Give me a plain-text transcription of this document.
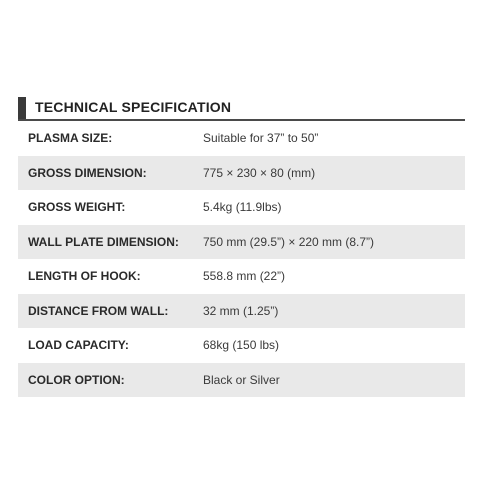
TECHNICAL SPECIFICATION
PLASMA SIZE:	Suitable for 37” to 50”
GROSS DIMENSION:	775 × 230 × 80 (mm)
GROSS WEIGHT:	5.4kg (11.9lbs)
WALL PLATE DIMENSION: 750 mm (29.5”) × 220 mm (8.7”)
LENGTH OF HOOK:	558.8 mm (22”)
DISTANCE FROM WALL:	32 mm (1.25”)
LOAD CAPACITY:	68kg (150 lbs)
COLOR OPTION:	Black or Silver
